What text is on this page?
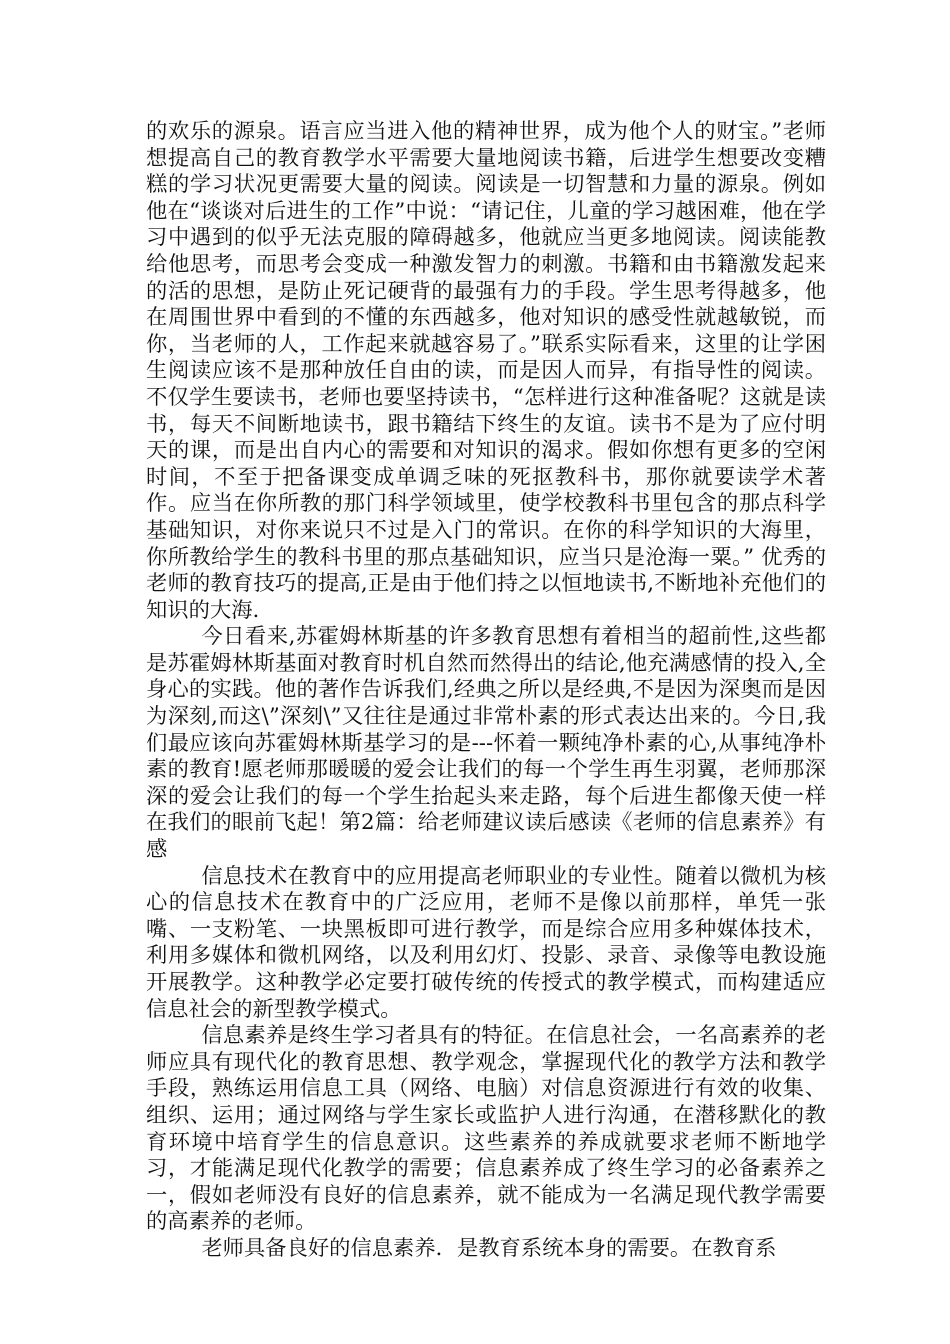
的欢乐的源泉。语言应当进入他的精神世界，成为他个人的财宝。”老师想提高自己的教育教学水平需要大量地阅读书籍，后进学生想要改变糟糕的学习状况更需要大量的阅读。阅读是一切智慧和力量的源泉。例如他在“谈谈对后进生的工作”中说：“请记住，儿童的学习越困难，他在学习中遇到的似乎无法克服的障碍越多，他就应当更多地阅读。阅读能教给他思考，而思考会变成一种激发智力的刺激。书籍和由书籍激发起来的活的思想，是防止死记硬背的最强有力的手段。学生思考得越多，他在周围世界中看到的不懂的东西越多，他对知识的感受性就越敏锐，而你，当老师的人，工作起来就越容易了。”联系实际看来，这里的让学困生阅读应该不是那种放任自由的读，而是因人而异，有指导性的阅读。不仅学生要读书，老师也要坚持读书，“怎样进行这种准备呢？这就是读书，每天不间断地读书，跟书籍结下终生的友谊。读书不是为了应付明天的课，而是出自内心的需要和对知识的渴求。假如你想有更多的空闲时间，不至于把备课变成单调乏味的死抠教科书，那你就要读学术著作。应当在你所教的那门科学领域里，使学校教科书里包含的那点科学基础知识，对你来说只不过是入门的常识。在你的科学知识的大海里，你所教给学生的教科书里的那点基础知识，应当只是沧海一粟。” 优秀的老师的教育技巧的提高,正是由于他们持之以恒地读书,不断地补充他们的知识的大海.

今日看来,苏霍姆林斯基的许多教育思想有着相当的超前性,这些都是苏霍姆林斯基面对教育时机自然而然得出的结论,他充满感情的投入,全身心的实践。他的著作告诉我们,经典之所以是经典,不是因为深奥而是因为深刻,而这\”深刻\”又往往是通过非常朴素的形式表达出来的。今日,我们最应该向苏霍姆林斯基学习的是---怀着一颗纯净朴素的心,从事纯净朴素的教育!愿老师那暖暖的爱会让我们的每一个学生再生羽翼，老师那深深的爱会让我们的每一个学生抬起头来走路，每个后进生都像天使一样在我们的眼前飞起！第2篇：给老师建议读后感读《老师的信息素养》有感

信息技术在教育中的应用提高老师职业的专业性。随着以微机为核心的信息技术在教育中的广泛应用，老师不是像以前那样，单凭一张嘴、一支粉笔、一块黑板即可进行教学，而是综合应用多种媒体技术，利用多媒体和微机网络，以及利用幻灯、投影、录音、录像等电教设施开展教学。这种教学必定要打破传统的传授式的教学模式，而构建适应信息社会的新型教学模式。

信息素养是终生学习者具有的特征。在信息社会，一名高素养的老师应具有现代化的教育思想、教学观念，掌握现代化的教学方法和教学手段，熟练运用信息工具（网络、电脑）对信息资源进行有效的收集、组织、运用；通过网络与学生家长或监护人进行沟通，在潜移默化的教育环境中培育学生的信息意识。这些素养的养成就要求老师不断地学习，才能满足现代化教学的需要；信息素养成了终生学习的必备素养之一，假如老师没有良好的信息素养，就不能成为一名满足现代教学需要的高素养的老师。

老师具备良好的信息素养．是教育系统本身的需要。在教育系
